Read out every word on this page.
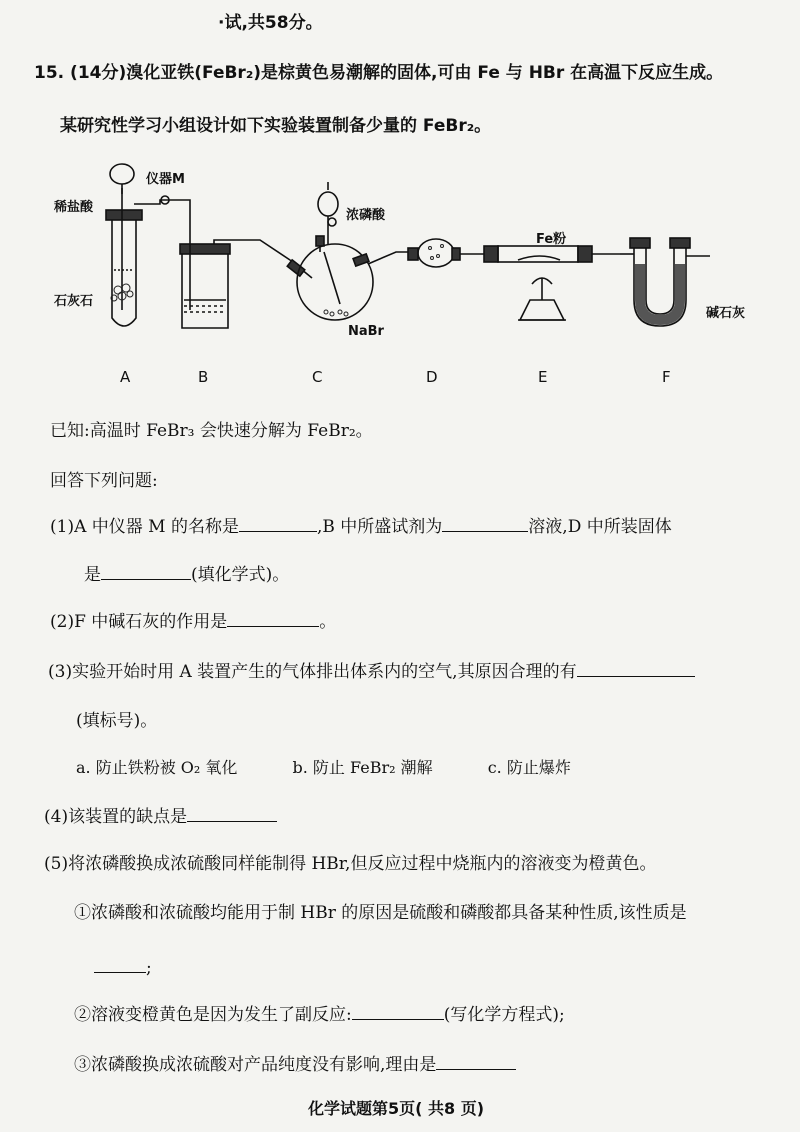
·试,共58分。
15. (14分)溴化亚铁(FeBr₂)是棕黄色易潮解的固体,可由 Fe 与 HBr 在高温下反应生成。
某研究性学习小组设计如下实验装置制备少量的 FeBr₂。
仪器M
稀盐酸
石灰石
浓磷酸
NaBr
Fe粉
碱石灰
A	B	C	D	E	F
已知:高温时 FeBr₃ 会快速分解为 FeBr₂。
回答下列问题:
(1)A 中仪器 M 的名称是	,B 中所盛试剂为	溶液,D 中所装固体
是	(填化学式)。
(2)F 中碱石灰的作用是	。
(3)实验开始时用 A 装置产生的气体排出体系内的空气,其原因合理的有
(填标号)。
a. 防止铁粉被 O₂ 氧化	b. 防止 FeBr₂ 潮解	c. 防止爆炸
(4)该装置的缺点是
(5)将浓磷酸换成浓硫酸同样能制得 HBr,但反应过程中烧瓶内的溶液变为橙黄色。
①浓磷酸和浓硫酸均能用于制 HBr 的原因是硫酸和磷酸都具备某种性质,该性质是
;
②溶液变橙黄色是因为发生了副反应:	(写化学方程式);
③浓磷酸换成浓硫酸对产品纯度没有影响,理由是
化学试题第5页( 共8 页)
